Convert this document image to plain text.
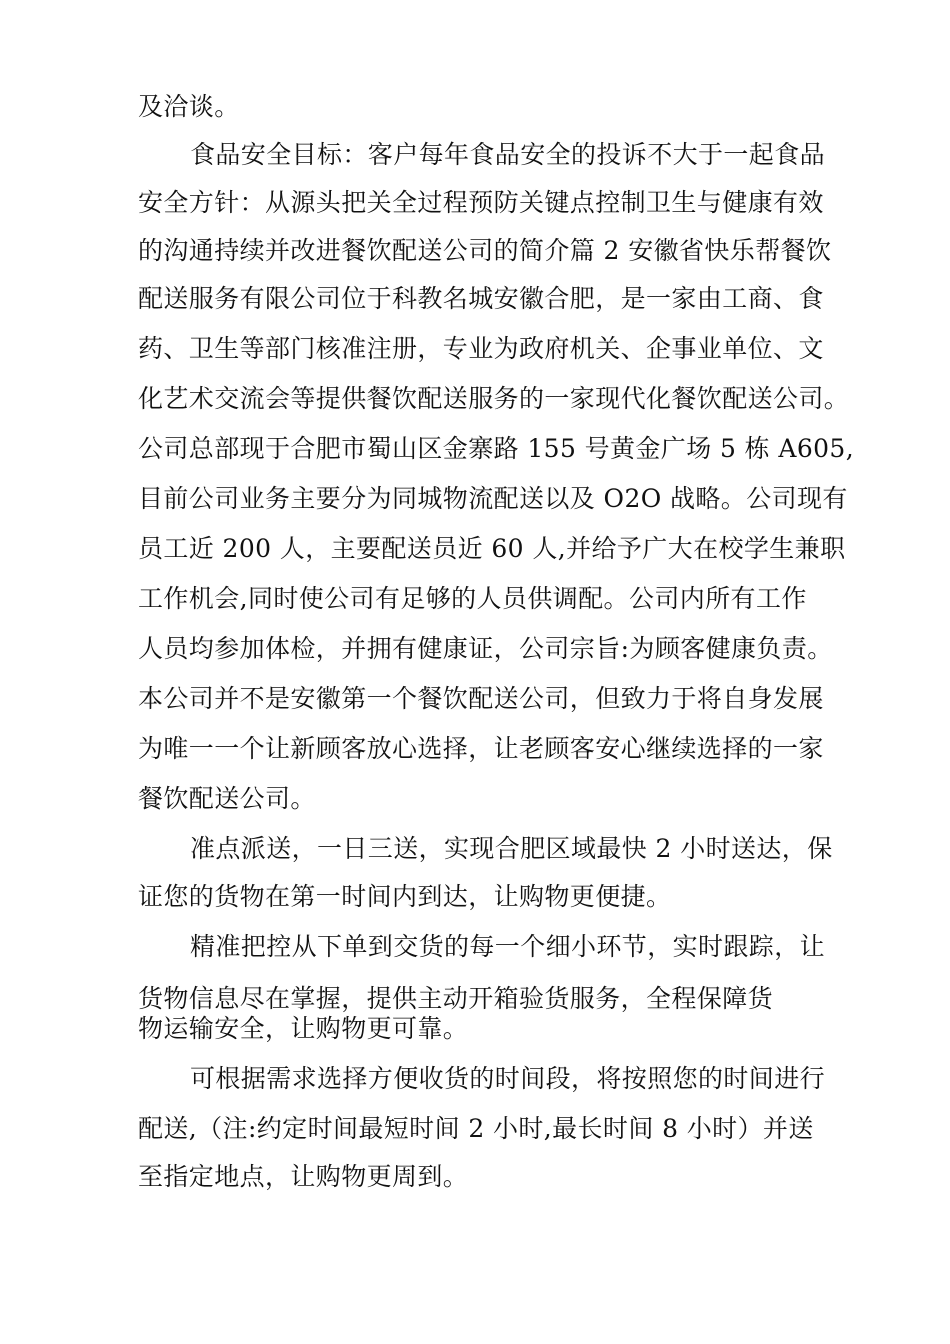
及洽谈。
食品安全目标：客户每年食品安全的投诉不大于一起食品
安全方针：从源头把关全过程预防关键点控制卫生与健康有效
的沟通持续并改进餐饮配送公司的简介篇 2 安徽省快乐帮餐饮
配送服务有限公司位于科教名城安徽合肥，是一家由工商、食
药、卫生等部门核准注册，专业为政府机关、企事业单位、文
化艺术交流会等提供餐饮配送服务的一家现代化餐饮配送公司。
公司总部现于合肥市蜀山区金寨路 155 号黄金广场 5 栋 A605,
目前公司业务主要分为同城物流配送以及 O2O 战略。公司现有
员工近 200 人，主要配送员近 60 人,并给予广大在校学生兼职
工作机会,同时使公司有足够的人员供调配。公司内所有工作
人员均参加体检，并拥有健康证，公司宗旨:为顾客健康负责。
本公司并不是安徽第一个餐饮配送公司，但致力于将自身发展
为唯一一个让新顾客放心选择，让老顾客安心继续选择的一家
餐饮配送公司。
准点派送，一日三送，实现合肥区域最快 2 小时送达，保
证您的货物在第一时间内到达，让购物更便捷。
精准把控从下单到交货的每一个细小环节，实时跟踪，让
货物信息尽在掌握，提供主动开箱验货服务，全程保障货
物运输安全，让购物更可靠。
可根据需求选择方便收货的时间段，将按照您的时间进行
配送,（注:约定时间最短时间 2 小时,最长时间 8 小时）并送
至指定地点，让购物更周到。
